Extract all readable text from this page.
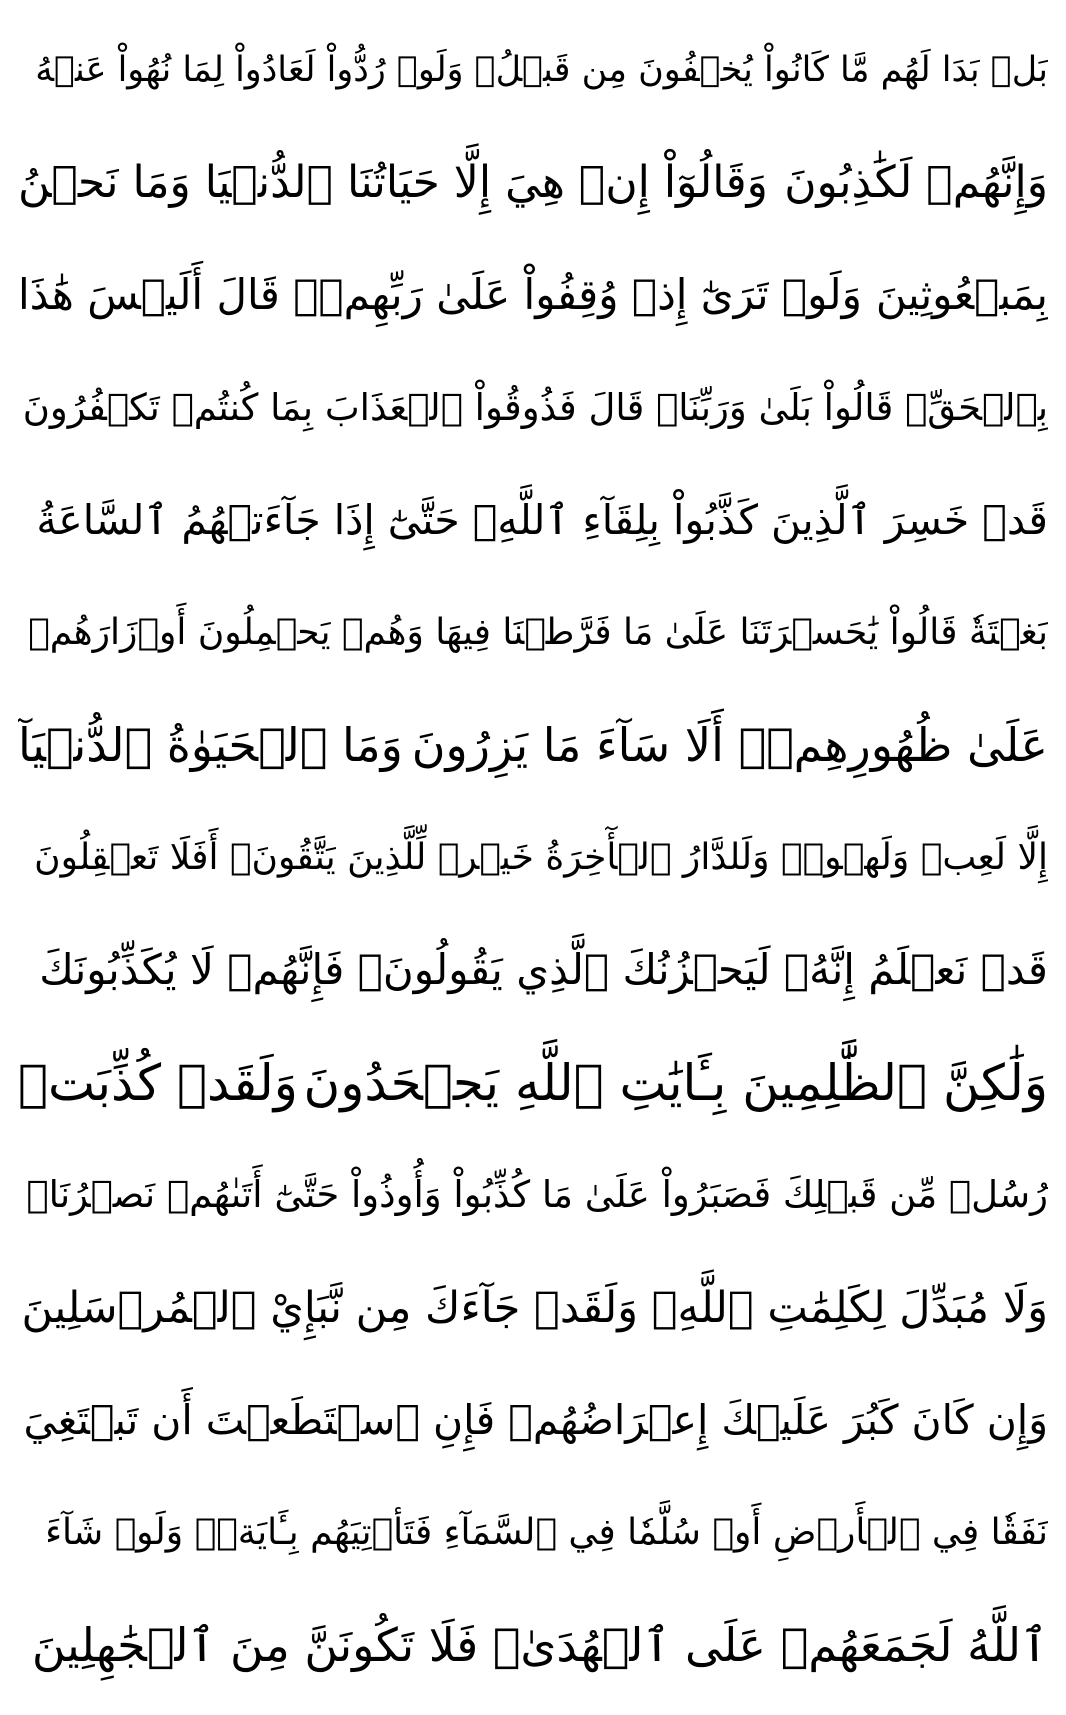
بَلۡ بَدَا لَهُم مَّا كَانُواْ يُخۡفُونَ مِن قَبۡلُۖ وَلَوۡ رُدُّواْ لَعَادُواْ لِمَا نُهُواْ عَنۡهُ
وَإِنَّهُمۡ لَكَٰذِبُونَ
وَقَالُوٓاْ إِنۡ هِيَ إِلَّا حَيَاتُنَا ٱلدُّنۡيَا وَمَا نَحۡنُ
بِمَبۡعُوثِينَ
وَلَوۡ تَرَىٰٓ إِذۡ وُقِفُواْ عَلَىٰ رَبِّهِمۡۚ قَالَ أَلَيۡسَ هَٰذَا
بِٱلۡحَقِّۚ قَالُواْ بَلَىٰ وَرَبِّنَاۚ قَالَ فَذُوقُواْ ٱلۡعَذَابَ بِمَا كُنتُمۡ تَكۡفُرُونَ
قَدۡ خَسِرَ ٱلَّذِينَ كَذَّبُواْ بِلِقَآءِ ٱللَّهِۖ حَتَّىٰٓ إِذَا جَآءَتۡهُمُ ٱلسَّاعَةُ
بَغۡتَةٗ قَالُواْ يَٰحَسۡرَتَنَا عَلَىٰ مَا فَرَّطۡنَا فِيهَا وَهُمۡ يَحۡمِلُونَ أَوۡزَارَهُمۡ
عَلَىٰ ظُهُورِهِمۡۚ أَلَا سَآءَ مَا يَزِرُونَ
وَمَا ٱلۡحَيَوٰةُ ٱلدُّنۡيَآ
إِلَّا لَعِبٞ وَلَهۡوٞۖ وَلَلدَّارُ ٱلۡأٓخِرَةُ خَيۡرٞ لِّلَّذِينَ يَتَّقُونَۚ أَفَلَا تَعۡقِلُونَ
قَدۡ نَعۡلَمُ إِنَّهُۥ لَيَحۡزُنُكَ ٱلَّذِي يَقُولُونَۖ فَإِنَّهُمۡ لَا يُكَذِّبُونَكَ
وَلَٰكِنَّ ٱلظَّٰلِمِينَ بِـَٔايَٰتِ ٱللَّهِ يَجۡحَدُونَ
وَلَقَدۡ كُذِّبَتۡ
رُسُلٞ مِّن قَبۡلِكَ فَصَبَرُواْ عَلَىٰ مَا كُذِّبُواْ وَأُوذُواْ حَتَّىٰٓ أَتَىٰهُمۡ نَصۡرُنَاۚ
وَلَا مُبَدِّلَ لِكَلِمَٰتِ ٱللَّهِۚ وَلَقَدۡ جَآءَكَ مِن نَّبَإِيْ ٱلۡمُرۡسَلِينَ
وَإِن كَانَ كَبُرَ عَلَيۡكَ إِعۡرَاضُهُمۡ فَإِنِ ٱسۡتَطَعۡتَ أَن تَبۡتَغِيَ
نَفَقٗا فِي ٱلۡأَرۡضِ أَوۡ سُلَّمٗا فِي ٱلسَّمَآءِ فَتَأۡتِيَهُم بِـَٔايَةٖۚ وَلَوۡ شَآءَ
ٱللَّهُ لَجَمَعَهُمۡ عَلَى ٱلۡهُدَىٰۚ فَلَا تَكُونَنَّ مِنَ ٱلۡجَٰهِلِينَ
